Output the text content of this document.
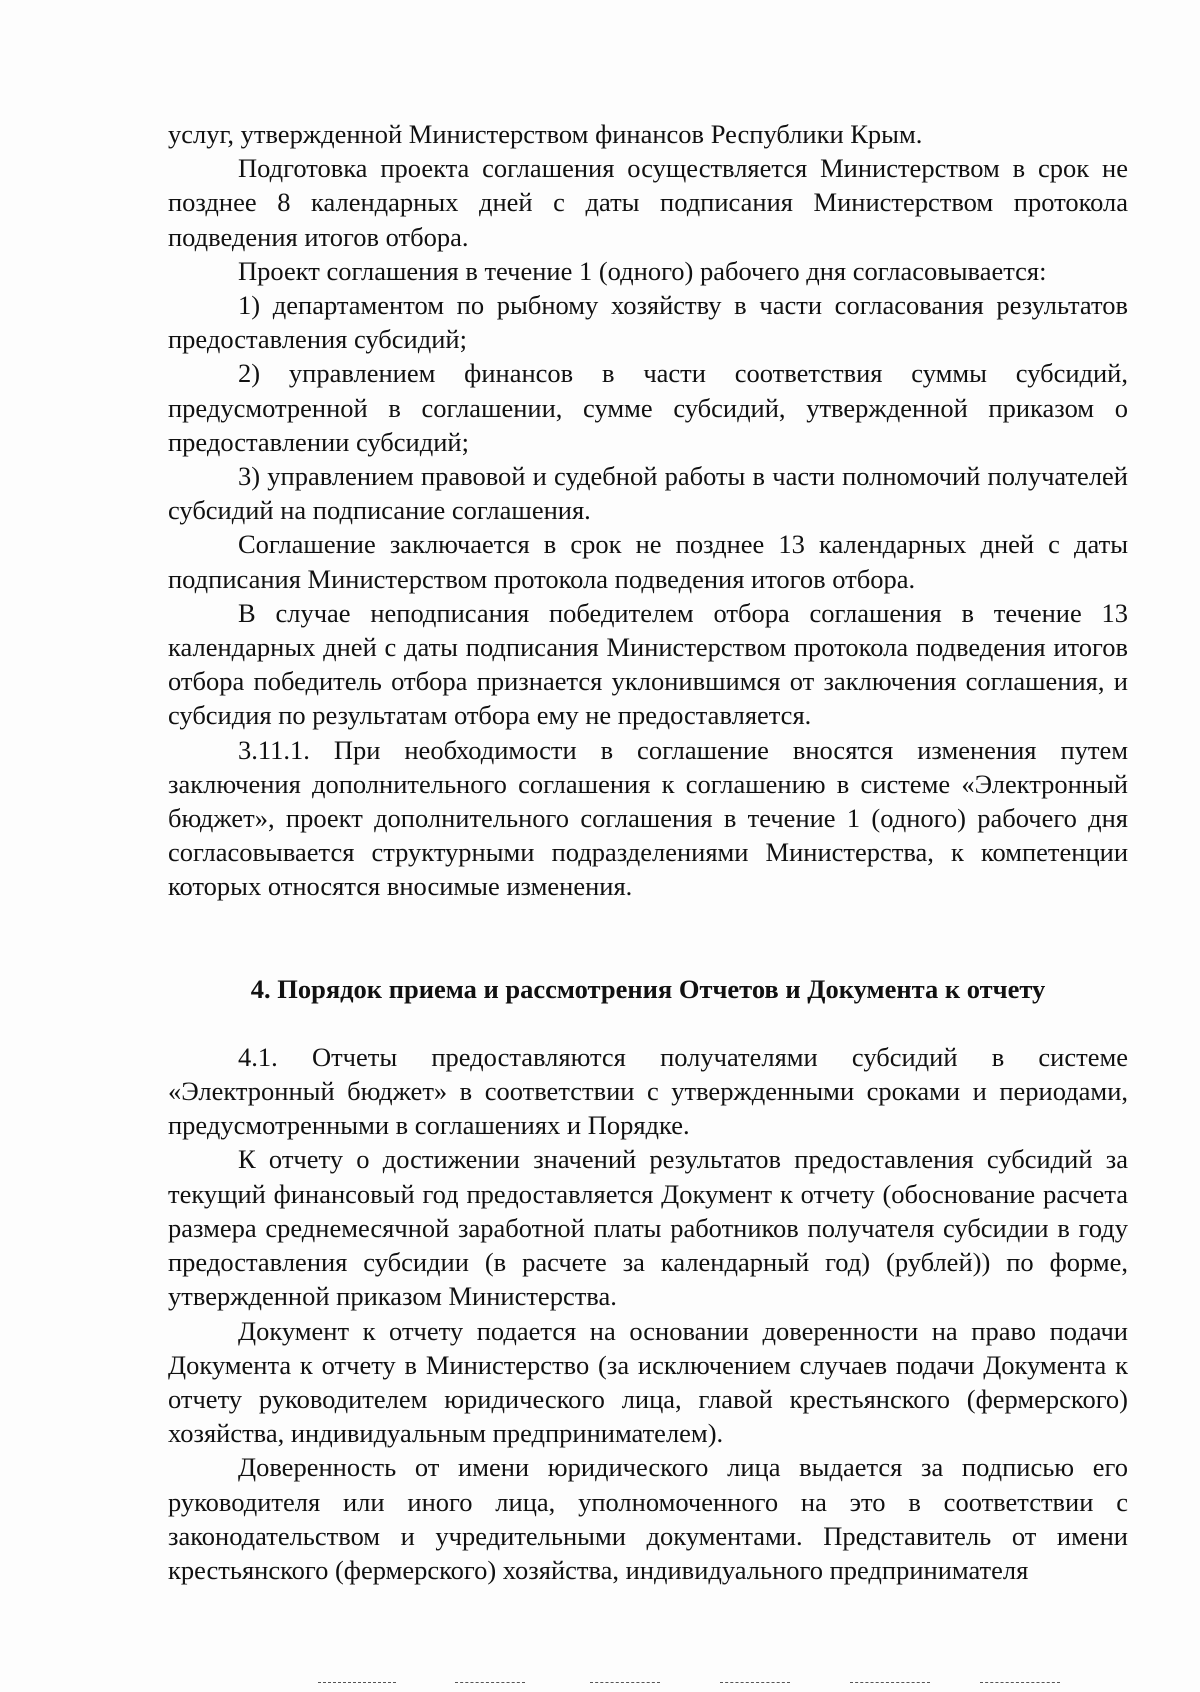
услуг, утвержденной Министерством финансов Республики Крым.

Подготовка проекта соглашения осуществляется Министерством в срок не позднее 8 календарных дней с даты подписания Министерством протокола подведения итогов отбора.

Проект соглашения в течение 1 (одного) рабочего дня согласовывается:

1) департаментом по рыбному хозяйству в части согласования результатов предоставления субсидий;

2) управлением финансов в части соответствия суммы субсидий, предусмотренной в соглашении, сумме субсидий, утвержденной приказом о предоставлении субсидий;

3) управлением правовой и судебной работы в части полномочий получателей субсидий на подписание соглашения.

Соглашение заключается в срок не позднее 13 календарных дней с даты подписания Министерством протокола подведения итогов отбора.

В случае неподписания победителем отбора соглашения в течение 13 календарных дней с даты подписания Министерством протокола подведения итогов отбора победитель отбора признается уклонившимся от заключения соглашения, и субсидия по результатам отбора ему не предоставляется.

3.11.1. При необходимости в соглашение вносятся изменения путем заключения дополнительного соглашения к соглашению в системе «Электронный бюджет», проект дополнительного соглашения в течение 1 (одного) рабочего дня согласовывается структурными подразделениями Министерства, к компетенции которых относятся вносимые изменения.

4. Порядок приема и рассмотрения Отчетов и Документа к отчету

4.1. Отчеты предоставляются получателями субсидий в системе «Электронный бюджет» в соответствии с утвержденными сроками и периодами, предусмотренными в соглашениях и Порядке.

К отчету о достижении значений результатов предоставления субсидий за текущий финансовый год предоставляется Документ к отчету (обоснование расчета размера среднемесячной заработной платы работников получателя субсидии в году предоставления субсидии (в расчете за календарный год) (рублей)) по форме, утвержденной приказом Министерства.

Документ к отчету подается на основании доверенности на право подачи Документа к отчету в Министерство (за исключением случаев подачи Документа к отчету руководителем юридического лица, главой крестьянского (фермерского) хозяйства, индивидуальным предпринимателем).

Доверенность от имени юридического лица выдается за подписью его руководителя или иного лица, уполномоченного на это в соответствии с законодательством и учредительными документами. Представитель от имени крестьянского (фермерского) хозяйства, индивидуального предпринимателя
